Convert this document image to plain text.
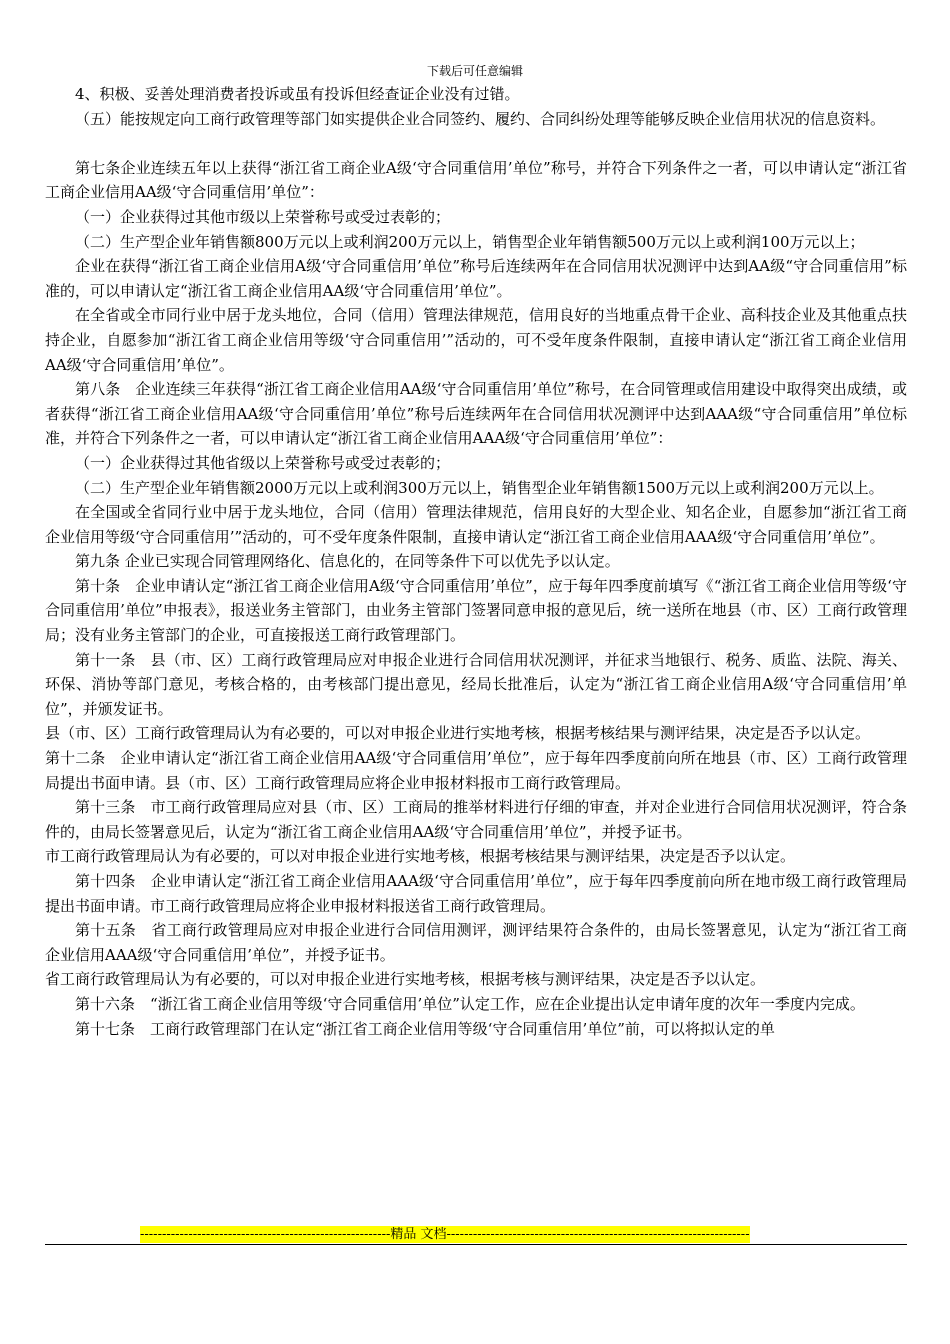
下载后可任意编辑

4、积极、妥善处理消费者投诉或虽有投诉但经查证企业没有过错。

（五）能按规定向工商行政管理等部门如实提供企业合同签约、履约、合同纠纷处理等能够反映企业信用状况的信息资料。

第七条企业连续五年以上获得“浙江省工商企业A级‘守合同重信用’单位”称号，并符合下列条件之一者，可以申请认定“浙江省工商企业信用AA级‘守合同重信用’单位”：

（一）企业获得过其他市级以上荣誉称号或受过表彰的；

（二）生产型企业年销售额800万元以上或利润200万元以上，销售型企业年销售额500万元以上或利润100万元以上；

企业在获得“浙江省工商企业信用A级‘守合同重信用’单位”称号后连续两年在合同信用状况测评中达到AA级“守合同重信用”标准的，可以申请认定“浙江省工商企业信用AA级‘守合同重信用’单位”。

在全省或全市同行业中居于龙头地位，合同（信用）管理法律规范，信用良好的当地重点骨干企业、高科技企业及其他重点扶持企业，自愿参加“浙江省工商企业信用等级‘守合同重信用’”活动的，可不受年度条件限制，直接申请认定“浙江省工商企业信用AA级‘守合同重信用’单位”。

第八条　企业连续三年获得“浙江省工商企业信用AA级‘守合同重信用’单位”称号，在合同管理或信用建设中取得突出成绩，或者获得“浙江省工商企业信用AA级‘守合同重信用’单位”称号后连续两年在合同信用状况测评中达到AAA级“守合同重信用”单位标准，并符合下列条件之一者，可以申请认定“浙江省工商企业信用AAA级‘守合同重信用’单位”：

（一）企业获得过其他省级以上荣誉称号或受过表彰的；

（二）生产型企业年销售额2000万元以上或利润300万元以上，销售型企业年销售额1500万元以上或利润200万元以上。

在全国或全省同行业中居于龙头地位，合同（信用）管理法律规范，信用良好的大型企业、知名企业，自愿参加“浙江省工商企业信用等级‘守合同重信用’”活动的，可不受年度条件限制，直接申请认定“浙江省工商企业信用AAA级‘守合同重信用’单位”。

第九条 企业已实现合同管理网络化、信息化的，在同等条件下可以优先予以认定。

第十条　企业申请认定“浙江省工商企业信用A级‘守合同重信用’单位”，应于每年四季度前填写《“浙江省工商企业信用等级‘守合同重信用’单位”申报表》，报送业务主管部门，由业务主管部门签署同意申报的意见后，统一送所在地县（市、区）工商行政管理局；没有业务主管部门的企业，可直接报送工商行政管理部门。

第十一条　县（市、区）工商行政管理局应对申报企业进行合同信用状况测评，并征求当地银行、税务、质监、法院、海关、环保、消协等部门意见，考核合格的，由考核部门提出意见，经局长批准后，认定为“浙江省工商企业信用A级‘守合同重信用’单位”，并颁发证书。

县（市、区）工商行政管理局认为有必要的，可以对申报企业进行实地考核，根据考核结果与测评结果，决定是否予以认定。

第十二条　企业申请认定“浙江省工商企业信用AA级‘守合同重信用’单位”，应于每年四季度前向所在地县（市、区）工商行政管理局提出书面申请。县（市、区）工商行政管理局应将企业申报材料报市工商行政管理局。

第十三条　市工商行政管理局应对县（市、区）工商局的推举材料进行仔细的审查，并对企业进行合同信用状况测评，符合条件的，由局长签署意见后，认定为“浙江省工商企业信用AA级‘守合同重信用’单位”，并授予证书。

市工商行政管理局认为有必要的，可以对申报企业进行实地考核，根据考核结果与测评结果，决定是否予以认定。

第十四条　企业申请认定“浙江省工商企业信用AAA级‘守合同重信用’单位”，应于每年四季度前向所在地市级工商行政管理局提出书面申请。市工商行政管理局应将企业申报材料报送省工商行政管理局。

第十五条　省工商行政管理局应对申报企业进行合同信用测评，测评结果符合条件的，由局长签署意见，认定为“浙江省工商企业信用AAA级‘守合同重信用’单位”，并授予证书。

省工商行政管理局认为有必要的，可以对申报企业进行实地考核，根据考核与测评结果，决定是否予以认定。

第十六条　“浙江省工商企业信用等级‘守合同重信用’单位”认定工作，应在企业提出认定申请年度的次年一季度内完成。

第十七条　工商行政管理部门在认定“浙江省工商企业信用等级‘守合同重信用’单位”前，可以将拟认定的单

---------------------------------------------------------精品 文档---------------------------------------------------------------------
